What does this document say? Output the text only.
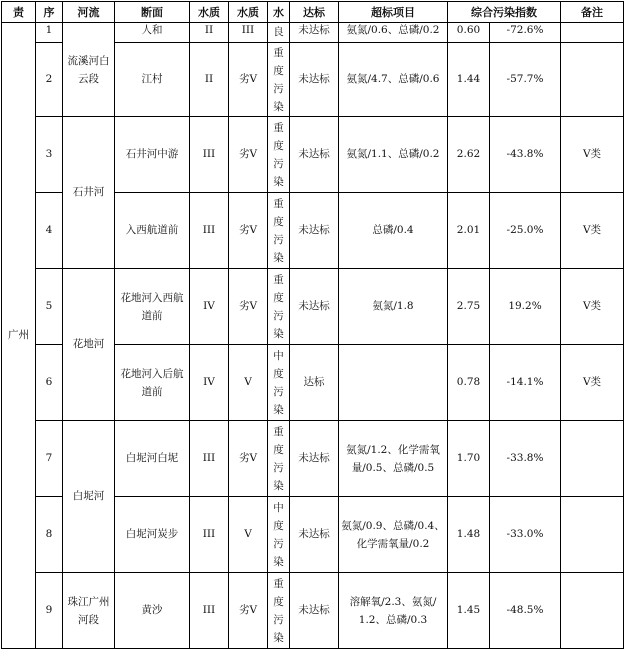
责	序	河流	断面	水质	水质	水	达标	超标项目	综合污染指数		备注
广州	1	流溪河白云段	人和	II	III	良	未达标	氨氮/0.6、总磷/0.2	0.60	-72.6%	
	2		江村	II	劣V	重度污染	未达标	氨氮/4.7、总磷/0.6	1.44	-57.7%	
	3	石井河	石井河中游	III	劣V	重度污染	未达标	氨氮/1.1、总磷/0.2	2.62	-43.8%	V类
	4		入西航道前	III	劣V	重度污染	未达标	总磷/0.4	2.01	-25.0%	V类
	5	花地河	花地河入西航道前	IV	劣V	重度污染	未达标	氨氮/1.8	2.75	19.2%	V类
	6		花地河入后航道前	IV	V	中度污染	达标		0.78	-14.1%	V类
	7	白坭河	白坭河白坭	III	劣V	重度污染	未达标	氨氮/1.2、化学需氧量/0.5、总磷/0.5	1.70	-33.8%	
	8		白坭河炭步	III	V	中度污染	未达标	氨氮/0.9、总磷/0.4、化学需氧量/0.2	1.48	-33.0%	
	9	珠江广州河段	黄沙	III	劣V	重度污染	未达标	溶解氧/2.3、氨氮/1.2、总磷/0.3	1.45	-48.5%	
